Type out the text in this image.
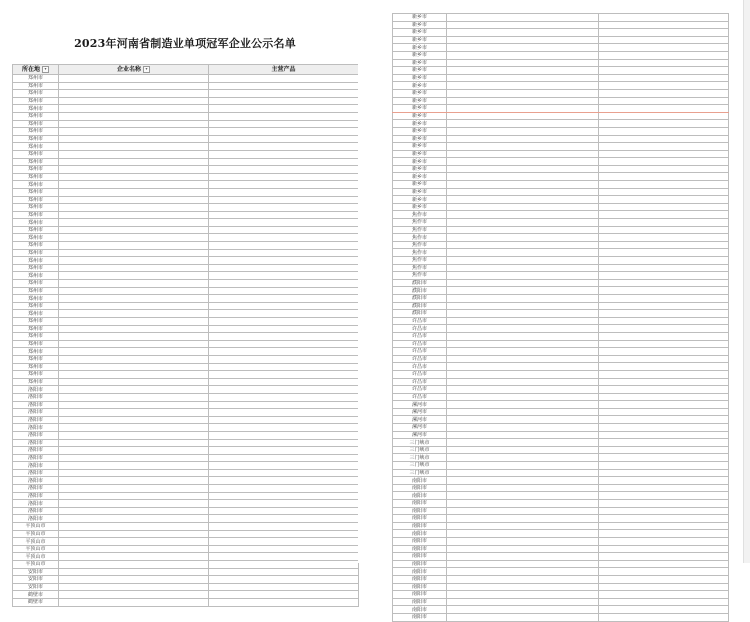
2023年河南省制造业单项冠军企业公示名单
所在地 ▾	企业名称 ▾	主营产品
郑州市		
郑州市		
郑州市		
郑州市		
郑州市		
郑州市		
郑州市		
郑州市		
郑州市		
郑州市		
郑州市		
郑州市		
郑州市		
郑州市		
郑州市		
郑州市		
郑州市		
郑州市		
郑州市		
郑州市		
郑州市		
郑州市		
郑州市		
郑州市		
郑州市		
郑州市		
郑州市		
郑州市		
郑州市		
郑州市		
郑州市		
郑州市		
郑州市		
郑州市		
郑州市		
郑州市		
郑州市		
郑州市		
郑州市		
郑州市		
郑州市		
洛阳市		
洛阳市		
洛阳市		
洛阳市		
洛阳市		
洛阳市		
洛阳市		
洛阳市		
洛阳市		
洛阳市		
洛阳市		
洛阳市		
洛阳市		
洛阳市		
洛阳市		
洛阳市		
洛阳市		
洛阳市		
平顶山市		
平顶山市		
平顶山市		
平顶山市		
平顶山市		
平顶山市		
安阳市		
安阳市		
安阳市		
鹤壁市		
鹤壁市		
新乡市		
新乡市		
新乡市		
新乡市		
新乡市		
新乡市		
新乡市		
新乡市		
新乡市		
新乡市		
新乡市		
新乡市		
新乡市		
新乡市		
新乡市		
新乡市		
新乡市		
新乡市		
新乡市		
新乡市		
新乡市		
新乡市		
新乡市		
新乡市		
新乡市		
新乡市		
焦作市		
焦作市		
焦作市		
焦作市		
焦作市		
焦作市		
焦作市		
焦作市		
焦作市		
濮阳市		
濮阳市		
濮阳市		
濮阳市		
濮阳市		
许昌市		
许昌市		
许昌市		
许昌市		
许昌市		
许昌市		
许昌市		
许昌市		
许昌市		
许昌市		
许昌市		
漯河市		
漯河市		
漯河市		
漯河市		
漯河市		
三门峡市		
三门峡市		
三门峡市		
三门峡市		
三门峡市		
南阳市		
南阳市		
南阳市		
南阳市		
南阳市		
南阳市		
南阳市		
南阳市		
南阳市		
南阳市		
南阳市		
南阳市		
南阳市		
南阳市		
南阳市		
南阳市		
南阳市		
南阳市		
南阳市		
